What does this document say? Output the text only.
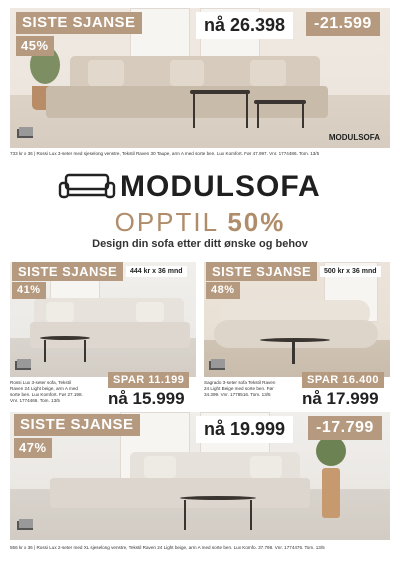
MODULSOFA
SISTE SJANSE
45%
nå 26.398	-21.599
733 kr x 36 | Rossi Lux 3-seter med sjeselong venstre, Tekstil Raven 30 Taupe, arm A med sorte ben. Lux Komfort. Før 47.997. Vnr. 1774486. Tom. 13/5
MODULSOFA
OPPTIL 50%
Design din sofa etter ditt ønske og behov
SISTE SJANSE
41%
444 kr x 36 mnd
Rossi Lux 3-seter sofa, Tekstil
Raven 24 Light beige, arm A med
sorte ben. Lux Komfort. Før 27.198.
Vnr. 1774466. Tom. 13/5
SPAR 11.199
nå 15.999
SISTE SJANSE
48%
500 kr x 36 mnd
Sagrado 3-seter sofa Tekstil Raven
24 Light Beige med sorte ben. Før
34.399. Vnr. 1778516. Tom. 13/5
SPAR 16.400
nå 17.999
SISTE SJANSE
47%
nå 19.999	-17.799
556 kr x 36 | Rossi Lux 2-seter med XL sjeselong venstre, Tekstil Raven 24 Light beige, arm A med sorte ben. Lux Komfo. 37.798. Vnr. 1774476. Tom. 13/5
